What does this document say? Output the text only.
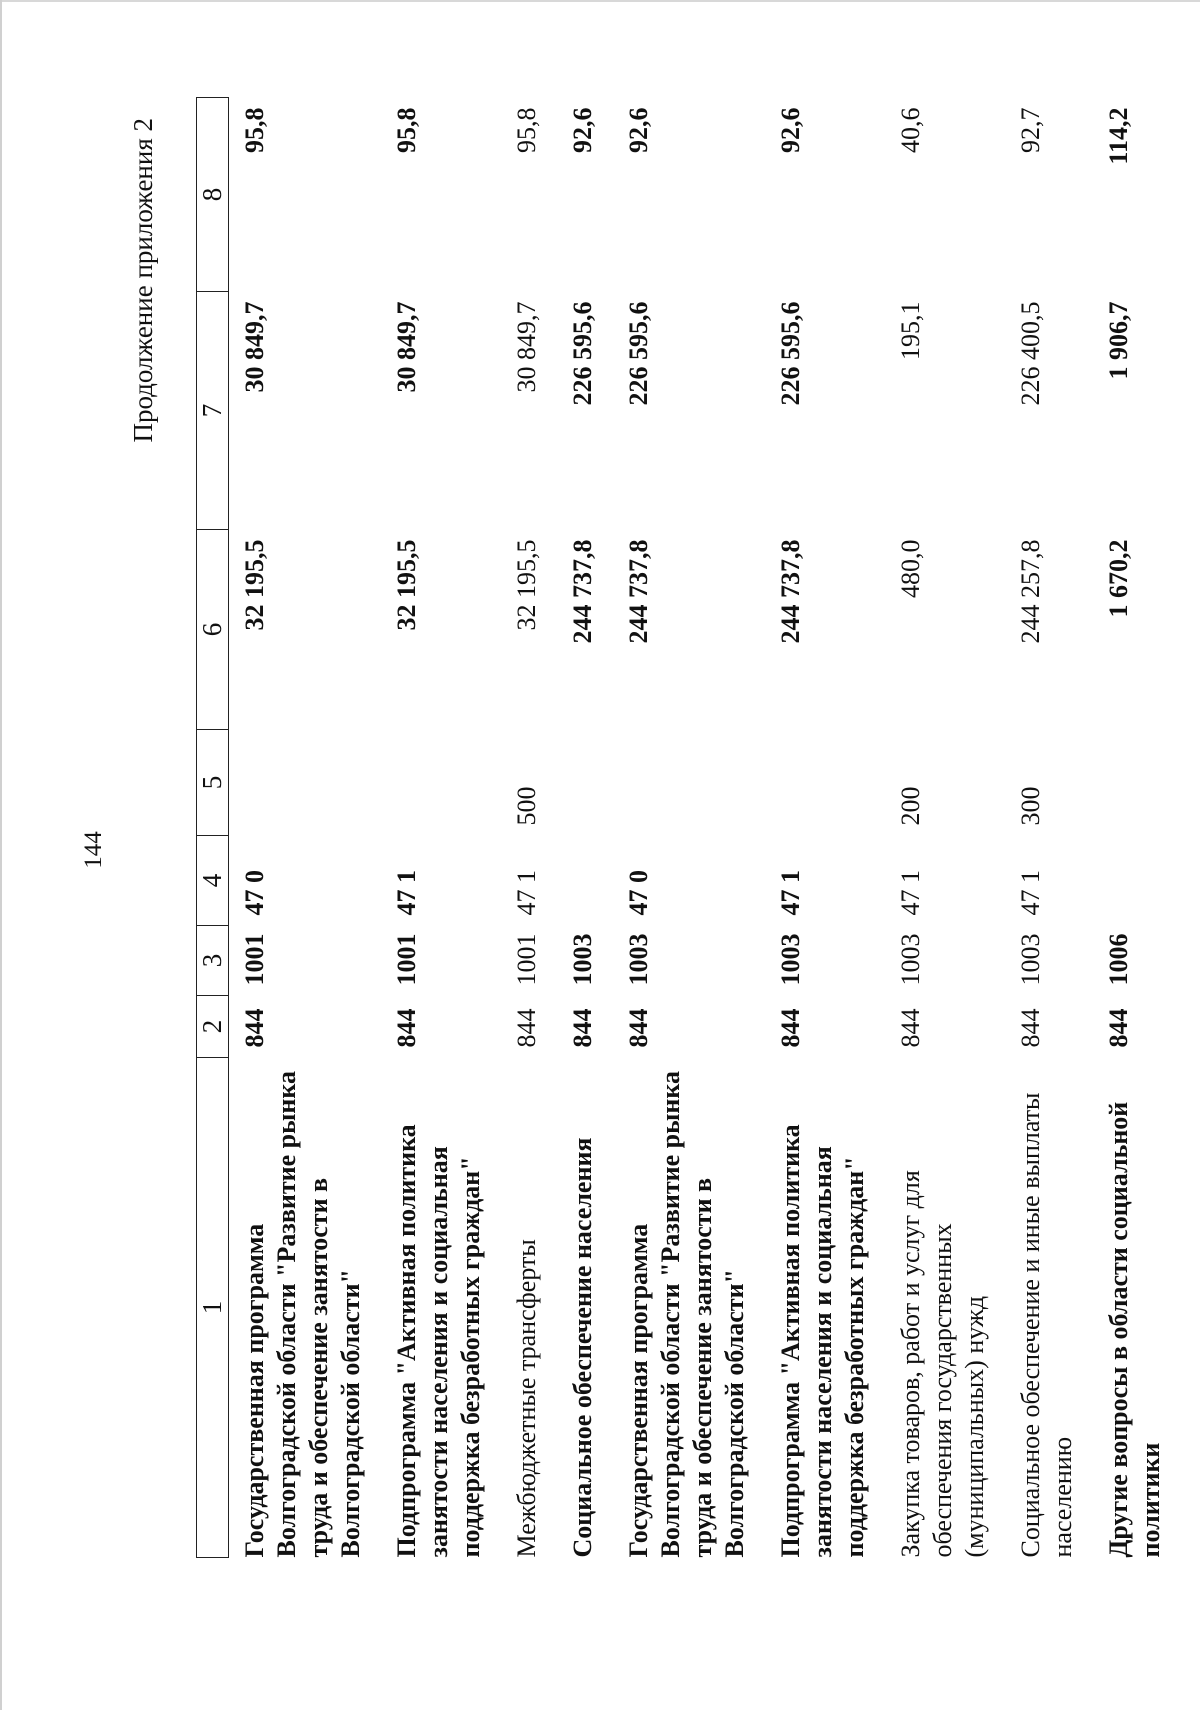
144
Продолжение приложения 2
1	2	3	4	5	6	7	8
Государственная программа Волгоградской области "Развитие рынка труда и обеспечение занятости в Волгоградской области"	844	1001	47 0		32 195,5	30 849,7	95,8
Подпрограмма "Активная политика занятости населения и социальная поддержка безработных граждан"	844	1001	47 1		32 195,5	30 849,7	95,8
Межбюджетные трансферты	844	1001	47 1	500	32 195,5	30 849,7	95,8
Социальное обеспечение населения	844	1003			244 737,8	226 595,6	92,6
Государственная программа Волгоградской области "Развитие рынка труда и обеспечение занятости в Волгоградской области"	844	1003	47 0		244 737,8	226 595,6	92,6
Подпрограмма "Активная политика занятости населения и социальная поддержка безработных граждан"	844	1003	47 1		244 737,8	226 595,6	92,6
Закупка товаров, работ и услуг для обеспечения государственных (муниципальных) нужд	844	1003	47 1	200	480,0	195,1	40,6
Социальное обеспечение и иные выплаты населению	844	1003	47 1	300	244 257,8	226 400,5	92,7
Другие вопросы в области социальной политики	844	1006			1 670,2	1 906,7	114,2
